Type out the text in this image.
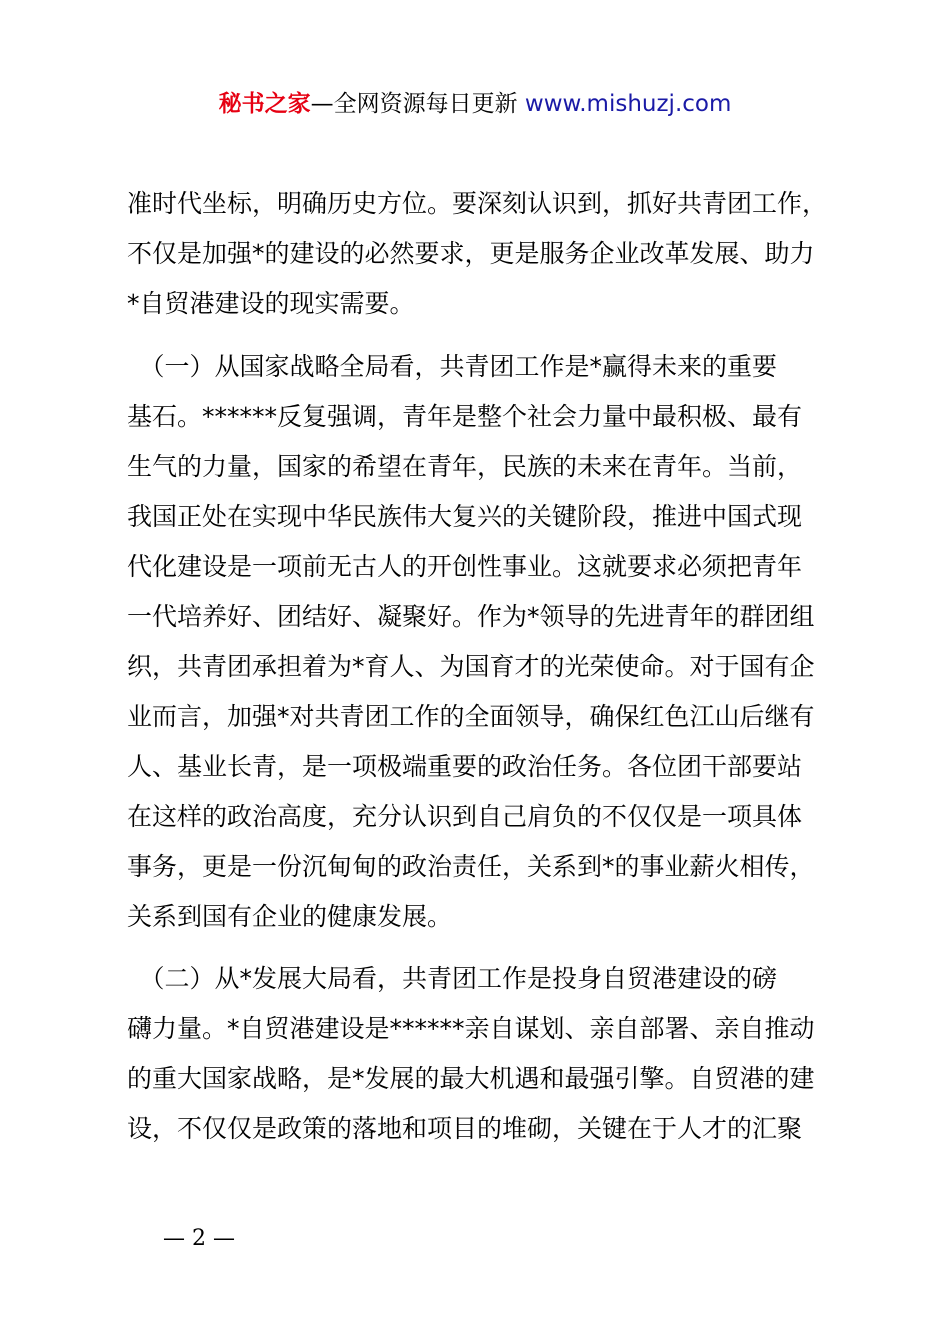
秘书之家—全网资源每日更新 www.mishuzj.com
准时代坐标，明确历史方位。要深刻认识到，抓好共青团工作，
不仅是加强*的建设的必然要求，更是服务企业改革发展、助力
*自贸港建设的现实需要。
　（一）从国家战略全局看，共青团工作是*赢得未来的重要
基石。******反复强调，青年是整个社会力量中最积极、最有
生气的力量，国家的希望在青年，民族的未来在青年。当前，
我国正处在实现中华民族伟大复兴的关键阶段，推进中国式现
代化建设是一项前无古人的开创性事业。这就要求必须把青年
一代培养好、团结好、凝聚好。作为*领导的先进青年的群团组
织，共青团承担着为*育人、为国育才的光荣使命。对于国有企
业而言，加强*对共青团工作的全面领导，确保红色江山后继有
人、基业长青，是一项极端重要的政治任务。各位团干部要站
在这样的政治高度，充分认识到自己肩负的不仅仅是一项具体
事务，更是一份沉甸甸的政治责任，关系到*的事业薪火相传，
关系到国有企业的健康发展。
　（二）从*发展大局看，共青团工作是投身自贸港建设的磅
礴力量。*自贸港建设是******亲自谋划、亲自部署、亲自推动
的重大国家战略，是*发展的最大机遇和最强引擎。自贸港的建
设，不仅仅是政策的落地和项目的堆砌，关键在于人才的汇聚
— 2 —
